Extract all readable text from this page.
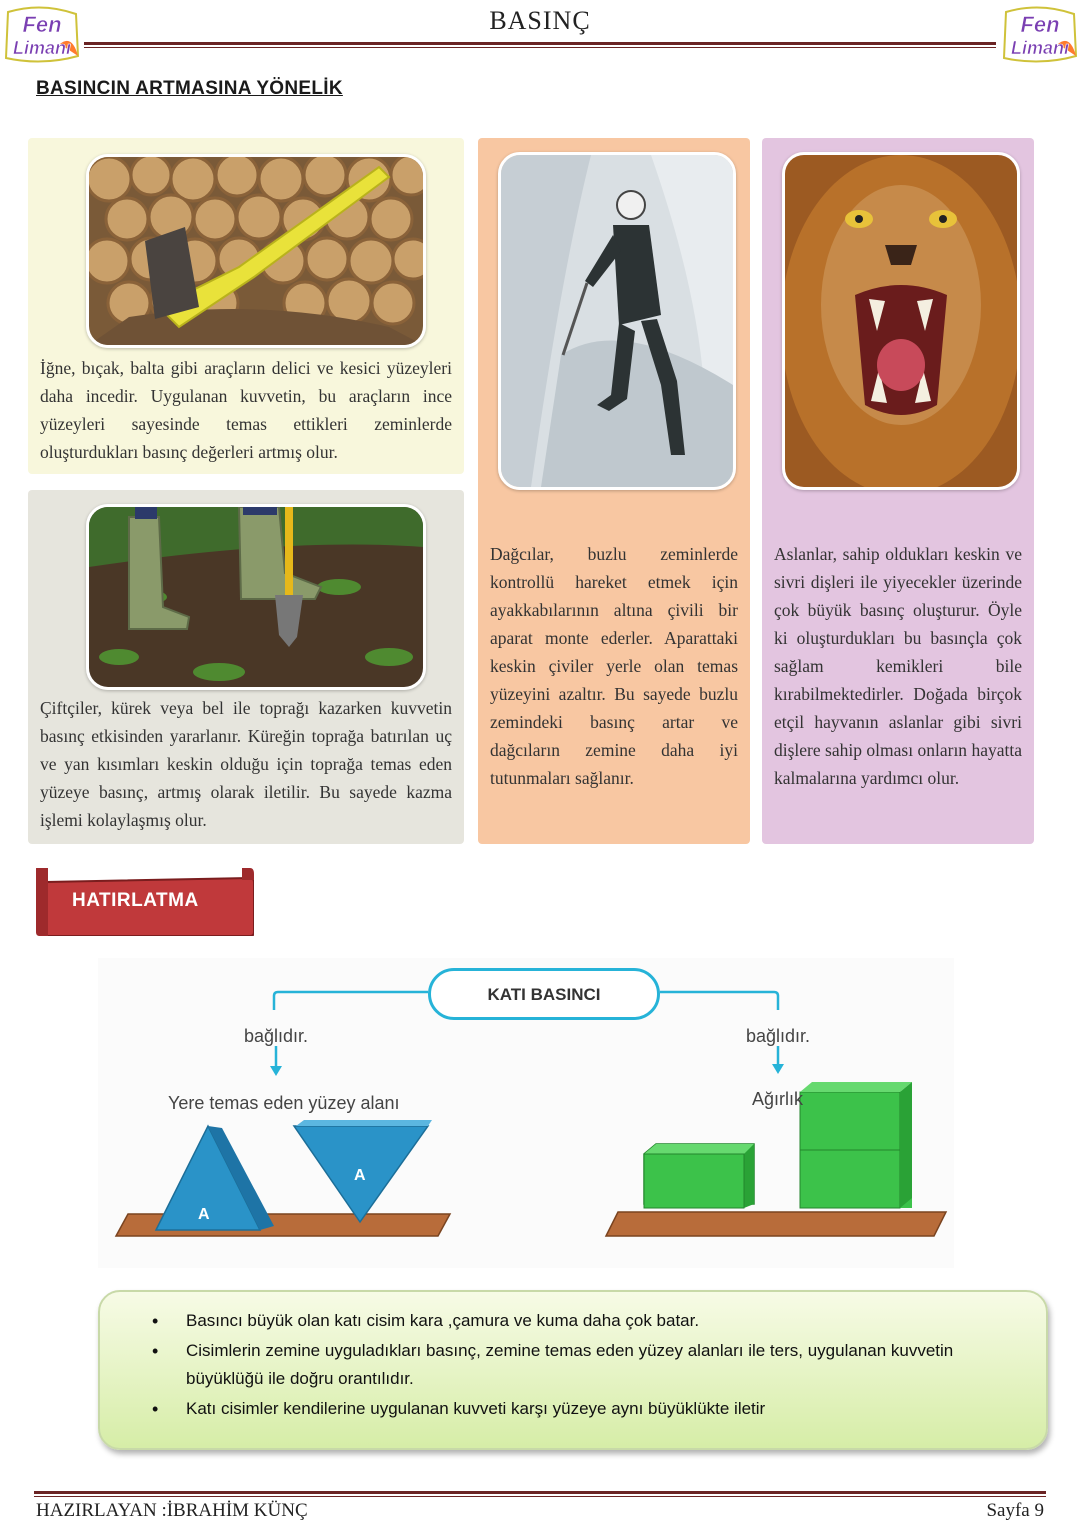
Fen
Limanı
Fen
Limanı
BASINÇ
BASINCIN ARTMASINA YÖNELİK
İğne, bıçak, balta gibi araçların delici ve kesici yüzeyleri daha incedir. Uygulanan kuvvetin, bu araçların ince yüzeyleri sayesinde temas ettikleri zeminlerde oluşturdukları basınç değerleri artmış olur.
Çiftçiler, kürek veya bel ile toprağı kazarken kuvvetin basınç etkisinden yararlanır. Küreğin toprağa batırılan uç ve yan kısımları keskin olduğu için toprağa temas eden yüzeye basınç, artmış olarak iletilir. Bu sayede kazma işlemi kolaylaşmış olur.
Dağcılar, buzlu zeminlerde kontrollü hareket etmek için ayakkabılarının altına çivili bir aparat monte ederler. Aparattaki keskin çiviler yerle olan temas yüzeyini azaltır. Bu sayede buzlu zemindeki basınç artar ve dağcıların zemine daha iyi tutunmaları sağlanır.
Aslanlar, sahip oldukları keskin ve sivri dişleri ile yiyecekler üzerinde çok büyük basınç oluşturur. Öyle ki oluşturdukları bu basınçla çok sağlam kemikleri bile kırabilmektedirler. Doğada birçok etçil hayvanın aslanlar gibi sivri dişlere sahip olması onların hayatta kalmalarına yardımcı olur.
HATIRLATMA
A
A
KATI BASINCI
bağlıdır.	bağlıdır.
Yere temas eden yüzey alanı	Ağırlık
• Basıncı büyük olan katı cisim kara ,çamura ve kuma daha çok batar.
• Cisimlerin zemine uyguladıkları basınç, zemine temas eden yüzey alanları ile ters, uygulanan kuvvetin büyüklüğü ile doğru orantılıdır.
• Katı cisimler kendilerine uygulanan kuvveti karşı yüzeye aynı büyüklükte iletir
HAZIRLAYAN :İBRAHİM KÜNÇ	Sayfa 9
